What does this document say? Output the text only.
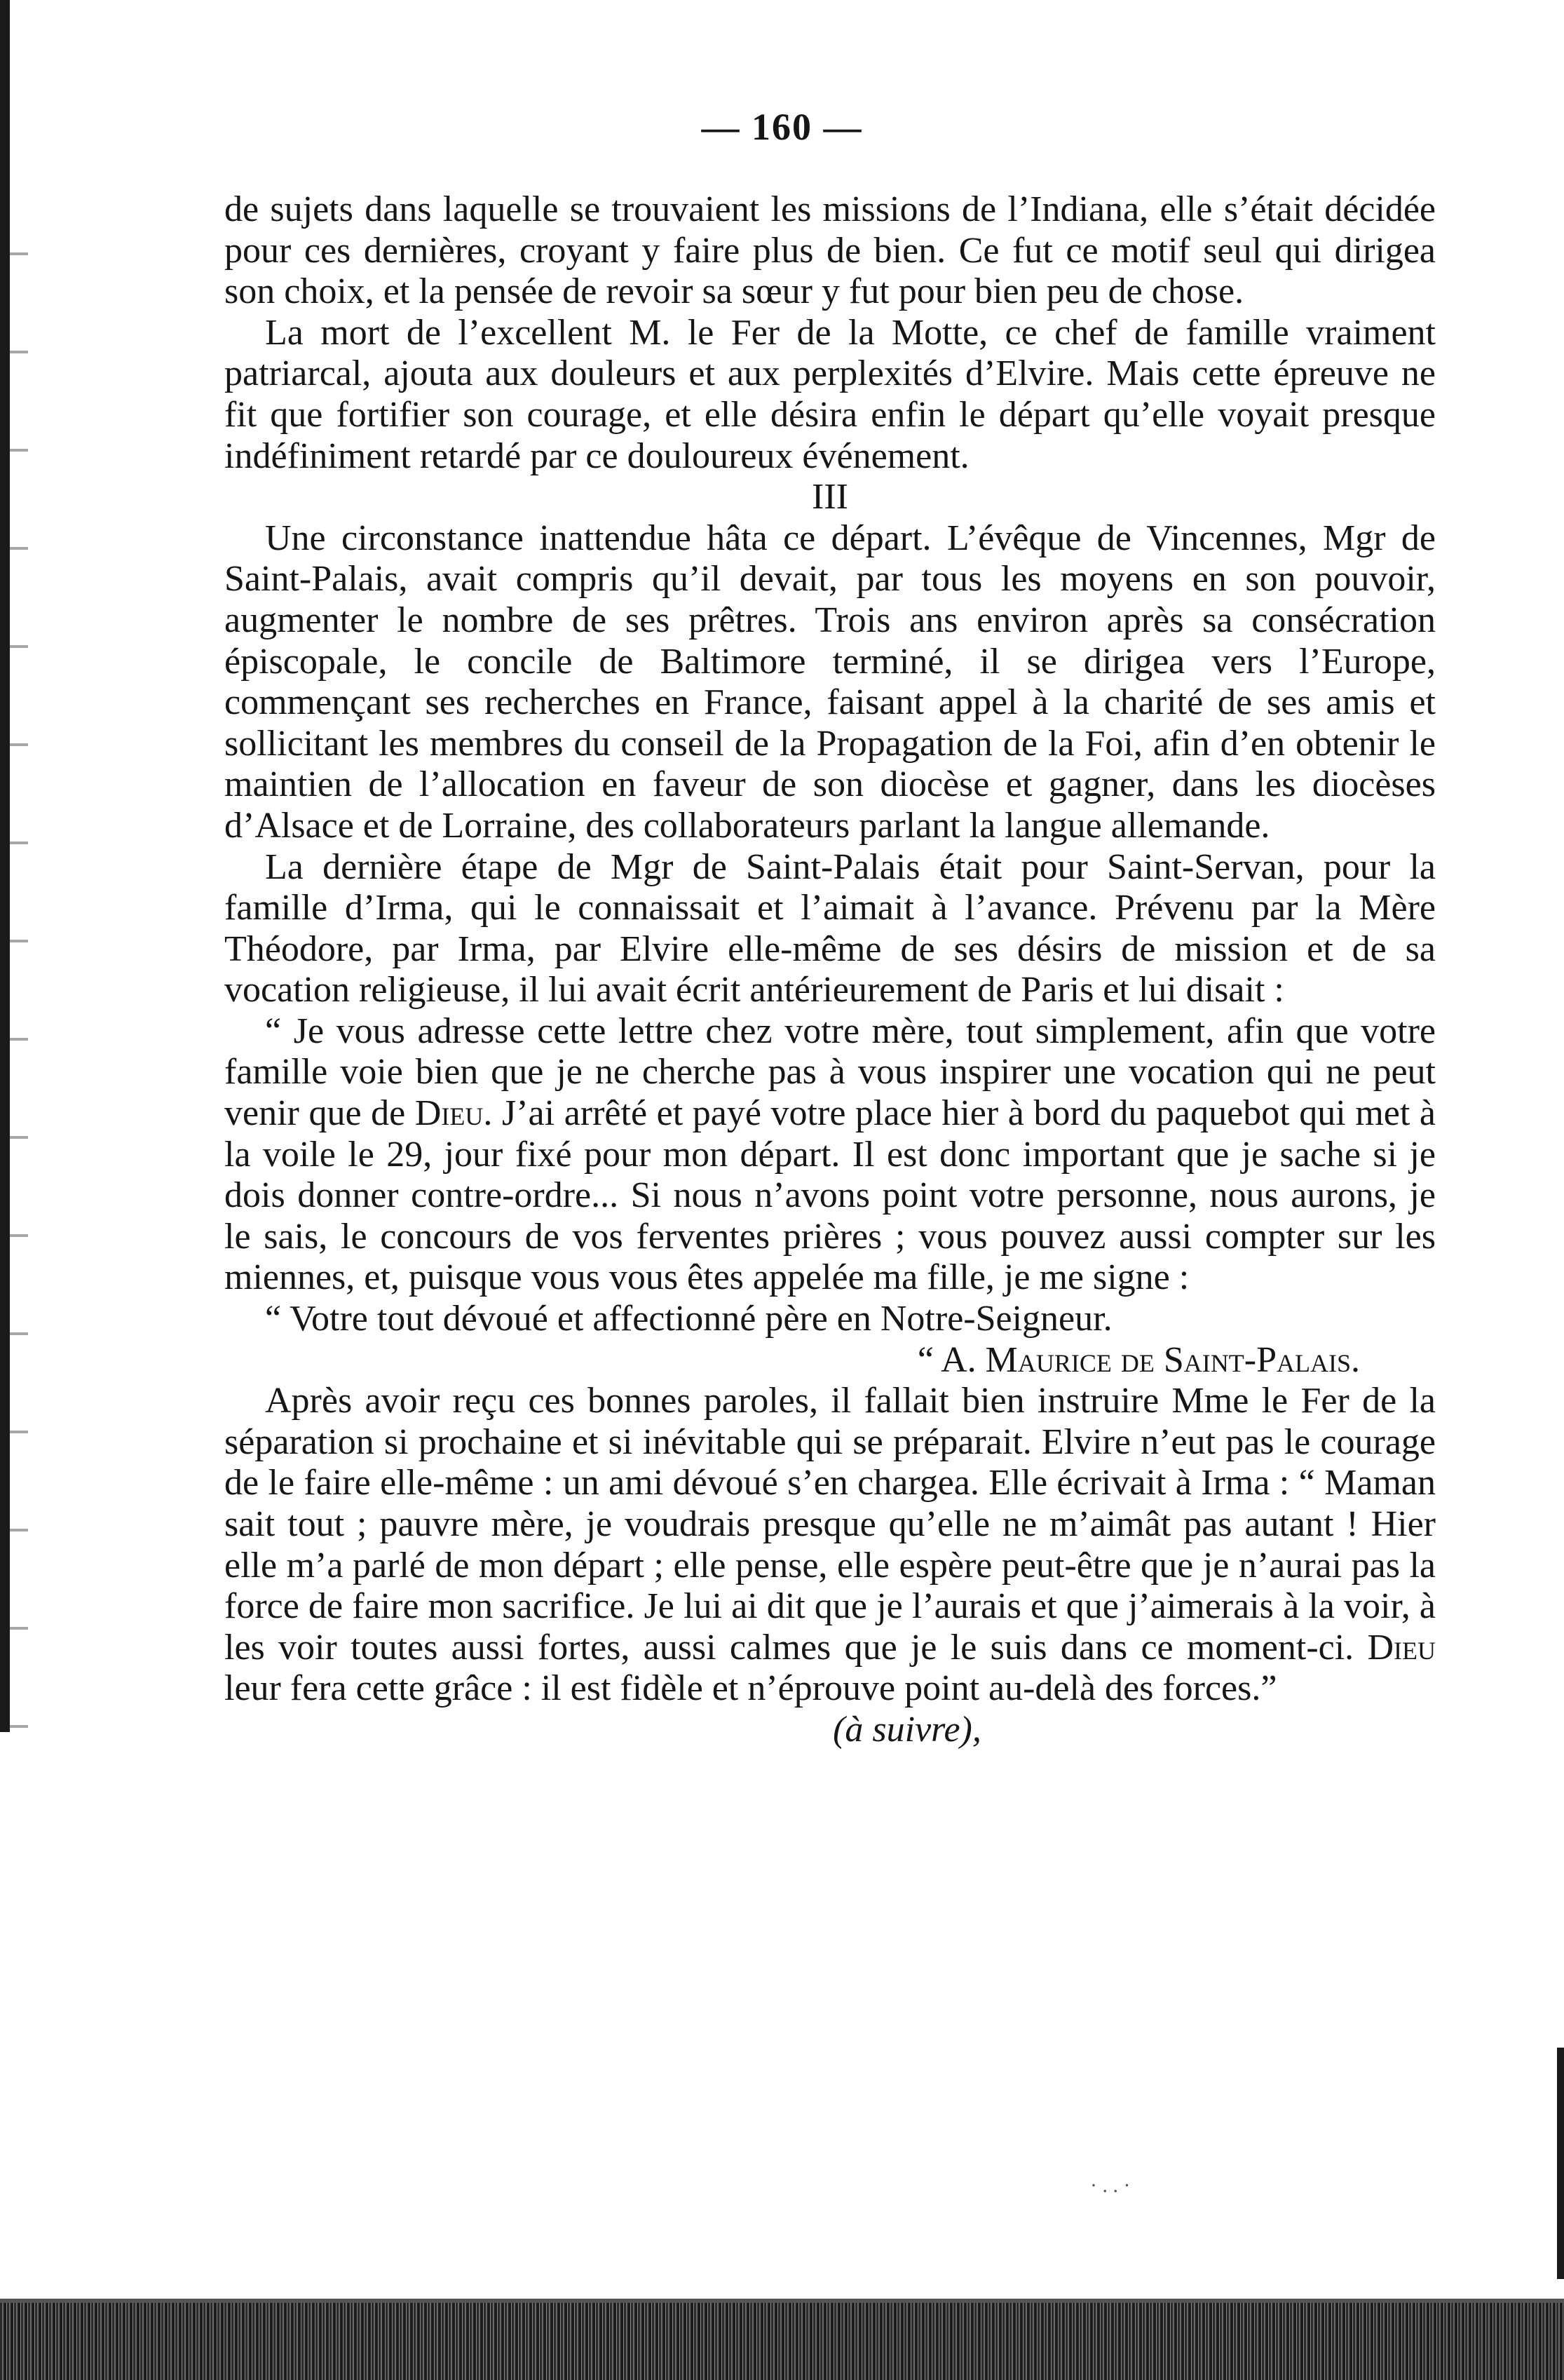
— 160 —

de sujets dans laquelle se trouvaient les missions de l’Indiana, elle s’était décidée pour ces dernières, croyant y faire plus de bien. Ce fut ce motif seul qui dirigea son choix, et la pensée de revoir sa sœur y fut pour bien peu de chose.

La mort de l’excellent M. le Fer de la Motte, ce chef de famille vraiment patriarcal, ajouta aux douleurs et aux perplexités d’Elvire. Mais cette épreuve ne fit que fortifier son courage, et elle désira enfin le départ qu’elle voyait presque indéfiniment retardé par ce douloureux événement.

III

Une circonstance inattendue hâta ce départ. L’évêque de Vincennes, Mgr de Saint-Palais, avait compris qu’il devait, par tous les moyens en son pouvoir, augmenter le nombre de ses prêtres. Trois ans environ après sa consécration épiscopale, le concile de Baltimore terminé, il se dirigea vers l’Europe, commençant ses recherches en France, faisant appel à la charité de ses amis et sollicitant les membres du conseil de la Propagation de la Foi, afin d’en obtenir le maintien de l’allocation en faveur de son diocèse et gagner, dans les diocèses d’Alsace et de Lorraine, des collaborateurs parlant la langue allemande.

La dernière étape de Mgr de Saint-Palais était pour Saint-Servan, pour la famille d’Irma, qui le connaissait et l’aimait à l’avance. Prévenu par la Mère Théodore, par Irma, par Elvire elle-même de ses désirs de mission et de sa vocation religieuse, il lui avait écrit antérieurement de Paris et lui disait :

“ Je vous adresse cette lettre chez votre mère, tout simplement, afin que votre famille voie bien que je ne cherche pas à vous inspirer une vocation qui ne peut venir que de Dieu. J’ai arrêté et payé votre place hier à bord du paquebot qui met à la voile le 29, jour fixé pour mon départ. Il est donc important que je sache si je dois donner contre-ordre... Si nous n’avons point votre personne, nous aurons, je le sais, le concours de vos ferventes prières ; vous pouvez aussi compter sur les miennes, et, puisque vous vous êtes appelée ma fille, je me signe :

“ Votre tout dévoué et affectionné père en Notre-Seigneur.

“ A. Maurice de Saint-Palais.

Après avoir reçu ces bonnes paroles, il fallait bien instruire Mme le Fer de la séparation si prochaine et si inévitable qui se préparait. Elvire n’eut pas le courage de le faire elle-même : un ami dévoué s’en chargea. Elle écrivait à Irma : “ Maman sait tout ; pauvre mère, je voudrais presque qu’elle ne m’aimât pas autant ! Hier elle m’a parlé de mon départ ; elle pense, elle espère peut-être que je n’aurai pas la force de faire mon sacrifice. Je lui ai dit que je l’aurais et que j’aimerais à la voir, à les voir toutes aussi fortes, aussi calmes que je le suis dans ce moment-ci. Dieu leur fera cette grâce : il est fidèle et n’éprouve point au-delà des forces.”

(à suivre),

· . . ·
